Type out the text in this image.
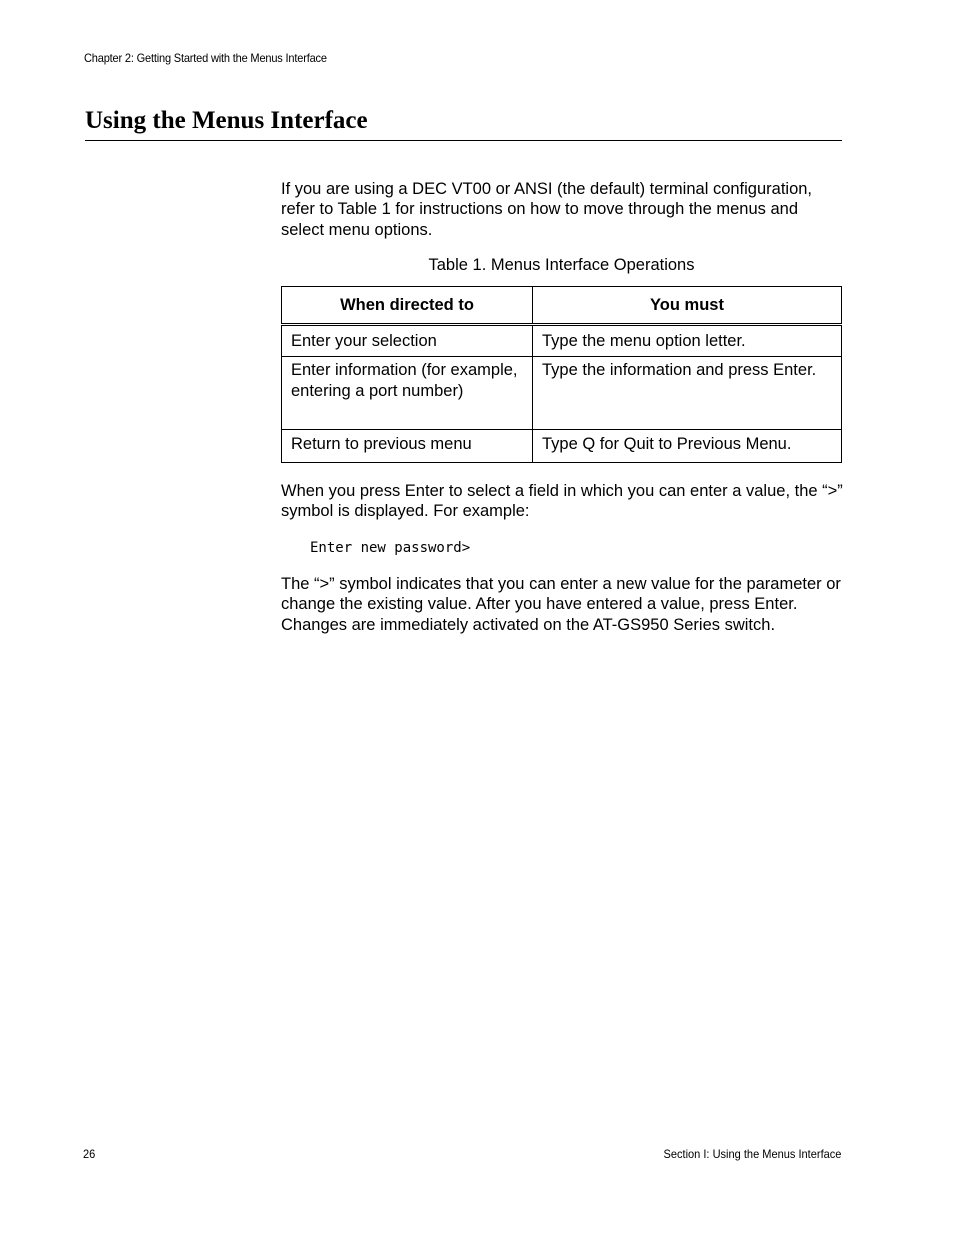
Chapter 2: Getting Started with the Menus Interface
Using the Menus Interface

If you are using a DEC VT00 or ANSI (the default) terminal configuration, refer to Table 1 for instructions on how to move through the menus and select menu options.

Table 1. Menus Interface Operations

When directed to	You must
Enter your selection	Type the menu option letter.
Enter information (for example, entering a port number)	Type the information and press Enter.
Return to previous menu	Type Q for Quit to Previous Menu.

When you press Enter to select a field in which you can enter a value, the “>” symbol is displayed. For example:

Enter new password>

The “>” symbol indicates that you can enter a new value for the parameter or change the existing value. After you have entered a value, press Enter. Changes are immediately activated on the AT-GS950 Series switch.

26	Section I: Using the Menus Interface
